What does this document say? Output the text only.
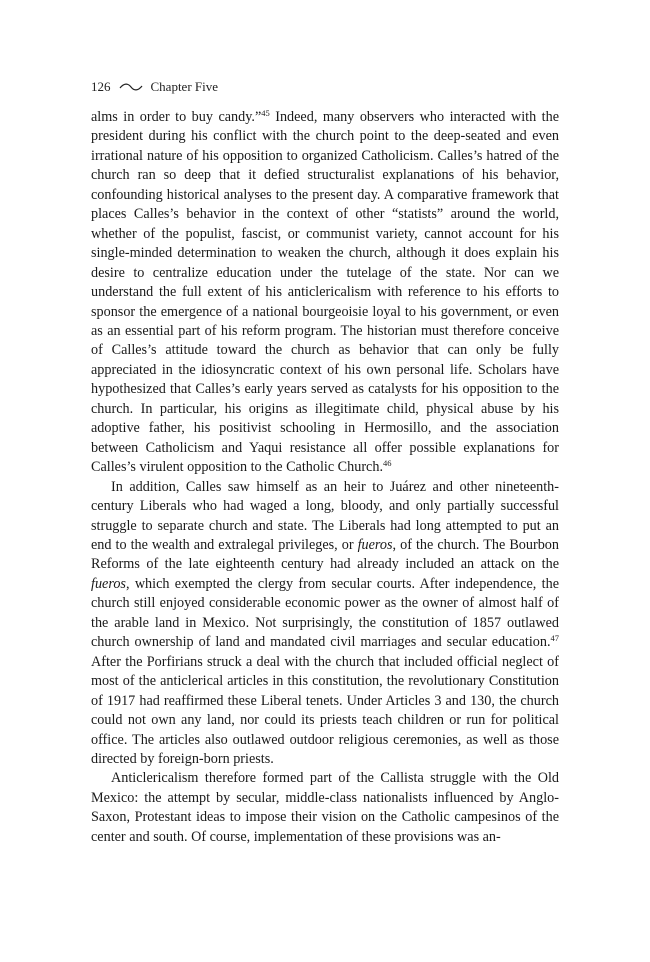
126	Chapter Five

alms in order to buy candy.”$^{45}$ Indeed, many observers who interacted with the president during his conflict with the church point to the deep-seated and even irrational nature of his opposition to organized Catholicism. Calles’s hatred of the church ran so deep that it defied structuralist explanations of his behavior, confounding historical analyses to the present day. A comparative framework that places Calles’s behavior in the context of other “statists” around the world, whether of the populist, fascist, or communist variety, cannot account for his single-minded determination to weaken the church, although it does explain his desire to centralize education under the tutelage of the state. Nor can we understand the full extent of his anticlericalism with reference to his efforts to sponsor the emergence of a national bourgeoisie loyal to his government, or even as an essential part of his reform program. The historian must therefore conceive of Calles’s attitude toward the church as behavior that can only be fully appreciated in the idiosyncratic context of his own personal life. Scholars have hypothesized that Calles’s early years served as catalysts for his opposition to the church. In particular, his origins as illegitimate child, physical abuse by his adoptive father, his positivist schooling in Hermosillo, and the association between Catholicism and Yaqui resistance all offer possible explanations for Calles’s virulent opposition to the Catholic Church.$^{46}$

In addition, Calles saw himself as an heir to Juárez and other nineteenth-century Liberals who had waged a long, bloody, and only partially successful struggle to separate church and state. The Liberals had long attempted to put an end to the wealth and extralegal privileges, or fueros, of the church. The Bourbon Reforms of the late eighteenth century had already included an attack on the fueros, which exempted the clergy from secular courts. After independence, the church still enjoyed considerable economic power as the owner of almost half of the arable land in Mexico. Not surprisingly, the constitution of 1857 outlawed church ownership of land and mandated civil marriages and secular education.$^{47}$ After the Porfirians struck a deal with the church that included official neglect of most of the anticlerical articles in this constitution, the revolutionary Constitution of 1917 had reaffirmed these Liberal tenets. Under Articles 3 and 130, the church could not own any land, nor could its priests teach children or run for political office. The articles also outlawed outdoor religious ceremonies, as well as those directed by foreign-born priests.

Anticlericalism therefore formed part of the Callista struggle with the Old Mexico: the attempt by secular, middle-class nationalists influenced by Anglo-Saxon, Protestant ideas to impose their vision on the Catholic campesinos of the center and south. Of course, implementation of these provisions was an-
